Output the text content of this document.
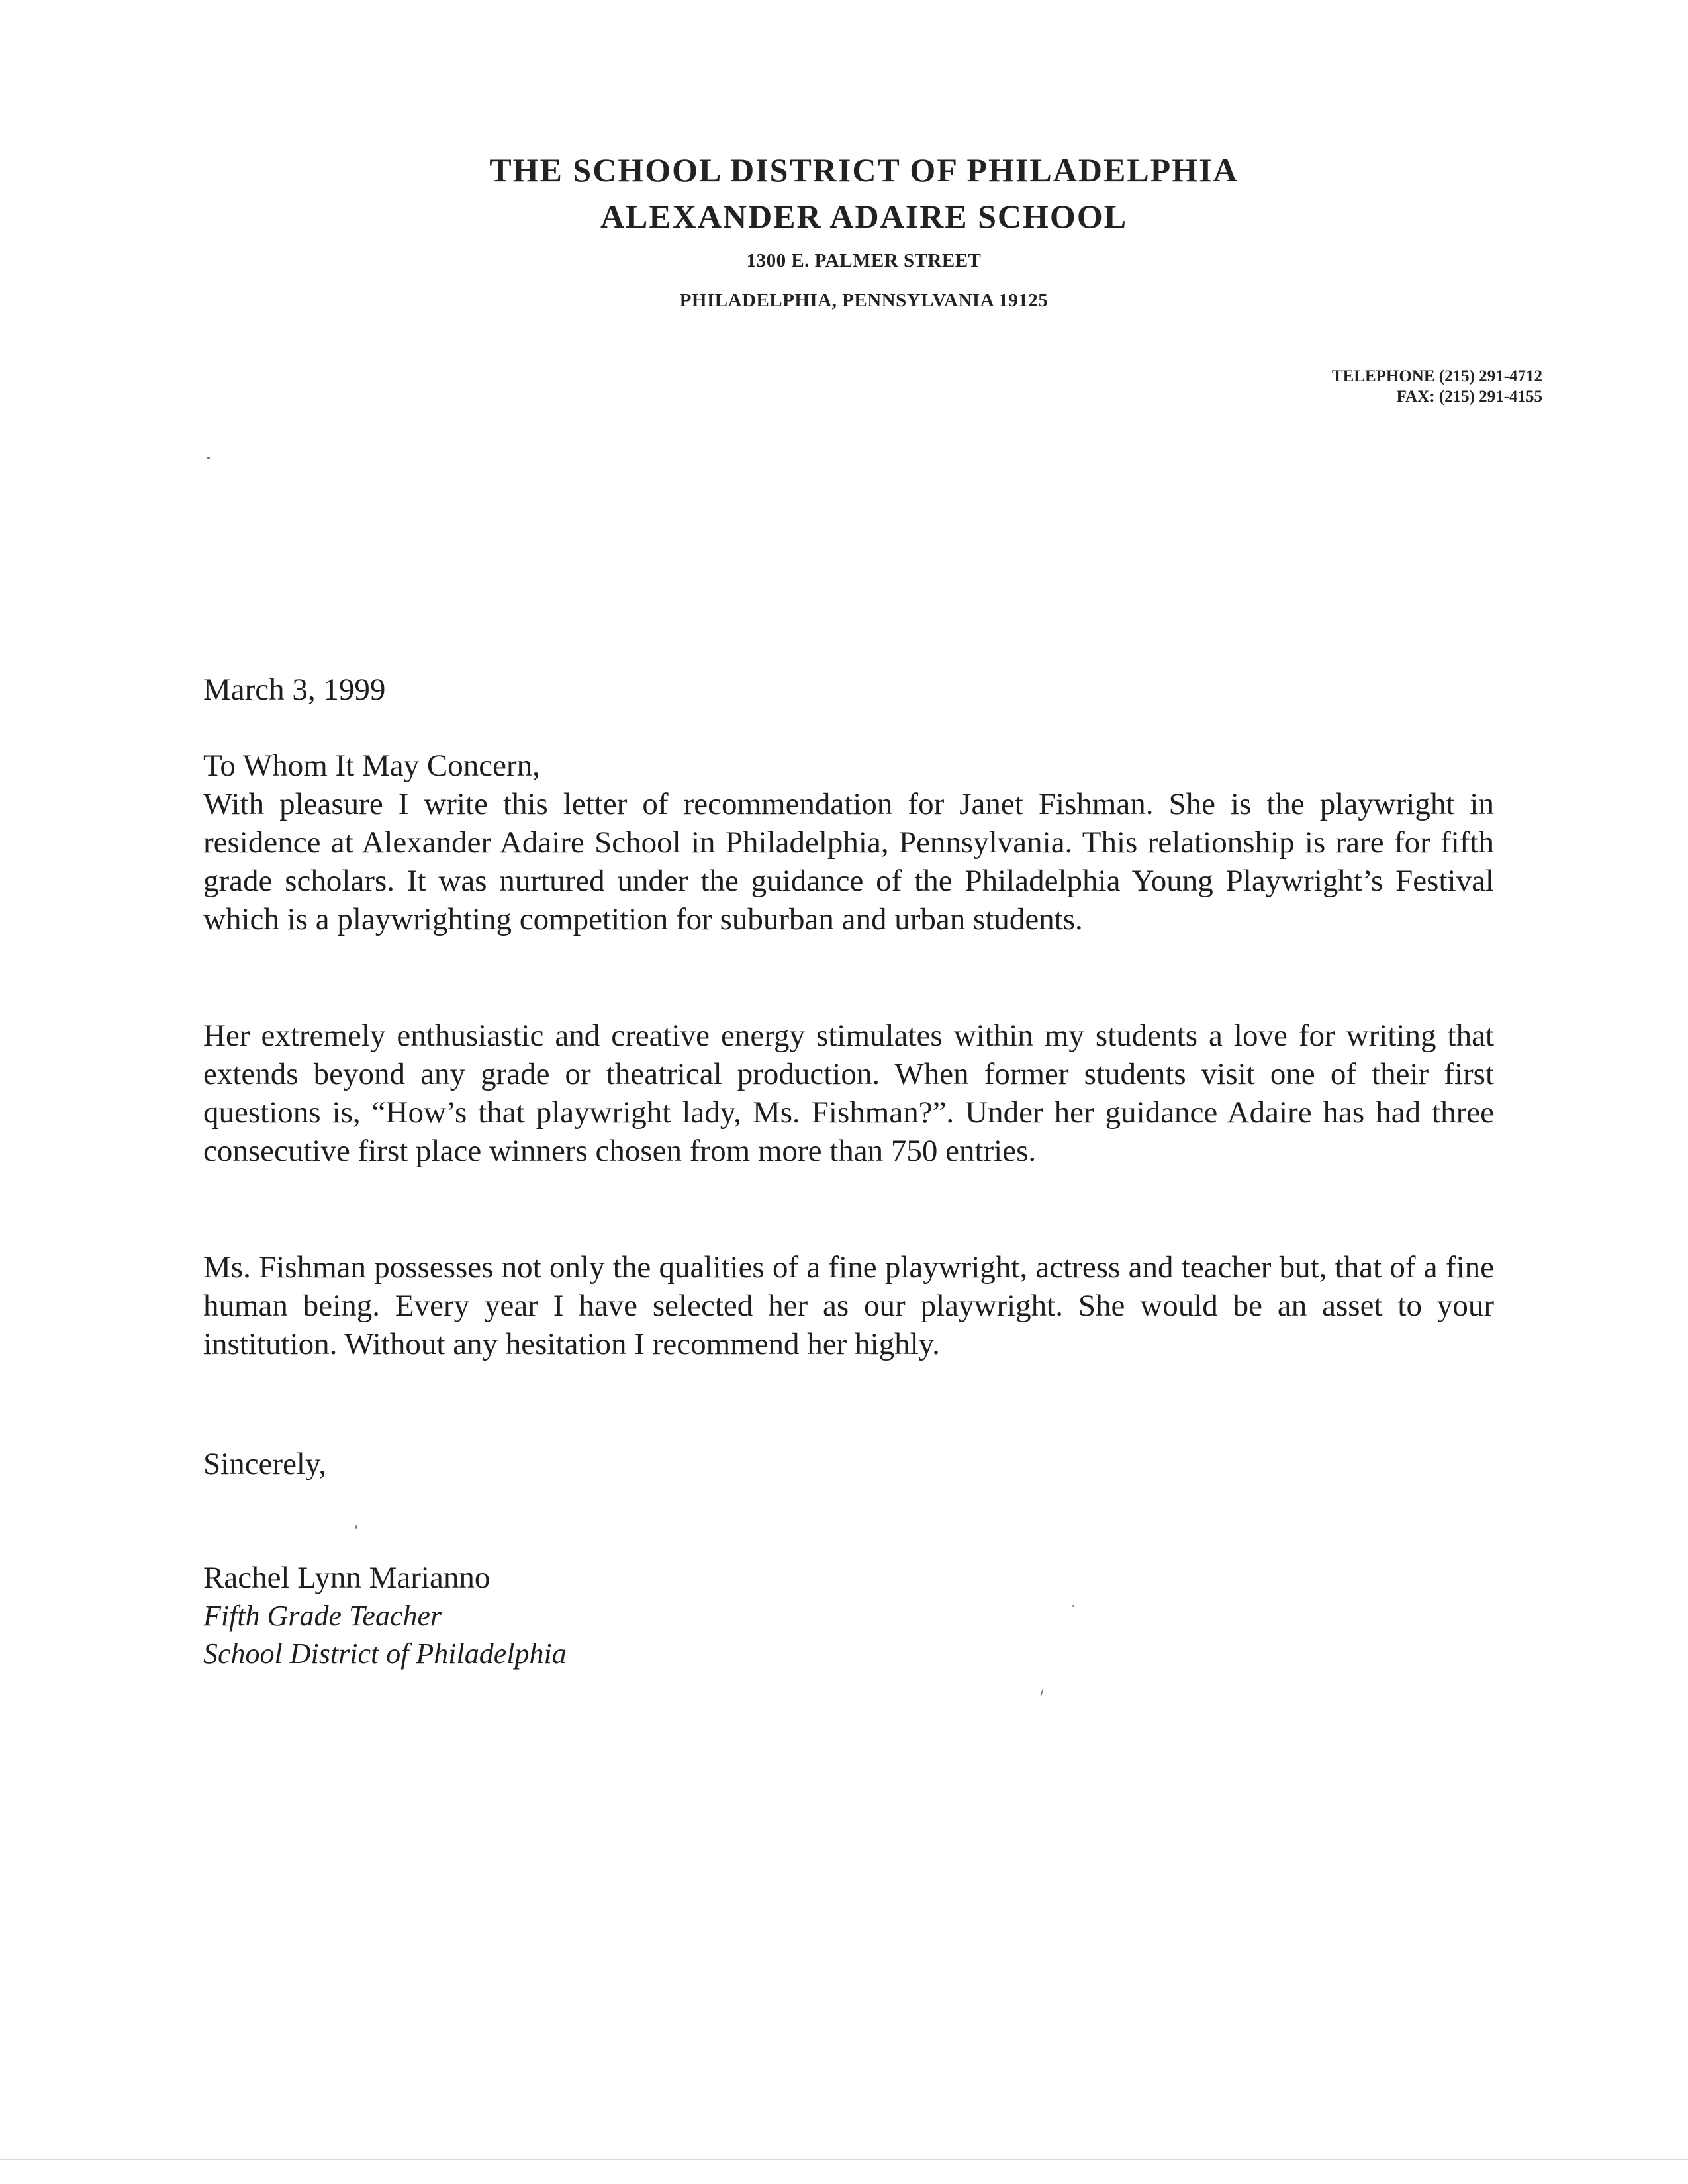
THE SCHOOL DISTRICT OF PHILADELPHIA
ALEXANDER ADAIRE SCHOOL
1300 E. PALMER STREET
PHILADELPHIA, PENNSYLVANIA 19125
TELEPHONE (215) 291-4712
FAX: (215) 291-4155
March 3, 1999
To Whom It May Concern,
With pleasure I write this letter of recommendation for Janet Fishman. She is the playwright in residence at Alexander Adaire School in Philadelphia, Pennsylvania. This relationship is rare for fifth grade scholars. It was nurtured under the guidance of the Philadelphia Young Playwright’s Festival which is a playwrighting competition for suburban and urban students.
Her extremely enthusiastic and creative energy stimulates within my students a love for writing that extends beyond any grade or theatrical production. When former students visit one of their first questions is, “How’s that playwright lady, Ms. Fishman?”. Under her guidance Adaire has had three consecutive first place winners chosen from more than 750 entries.
Ms. Fishman possesses not only the qualities of a fine playwright, actress and teacher but, that of a fine human being. Every year I have selected her as our playwright. She would be an asset to your institution. Without any hesitation I recommend her highly.
Sincerely,
Rachel Lynn Marianno
Fifth Grade Teacher
School District of Philadelphia
